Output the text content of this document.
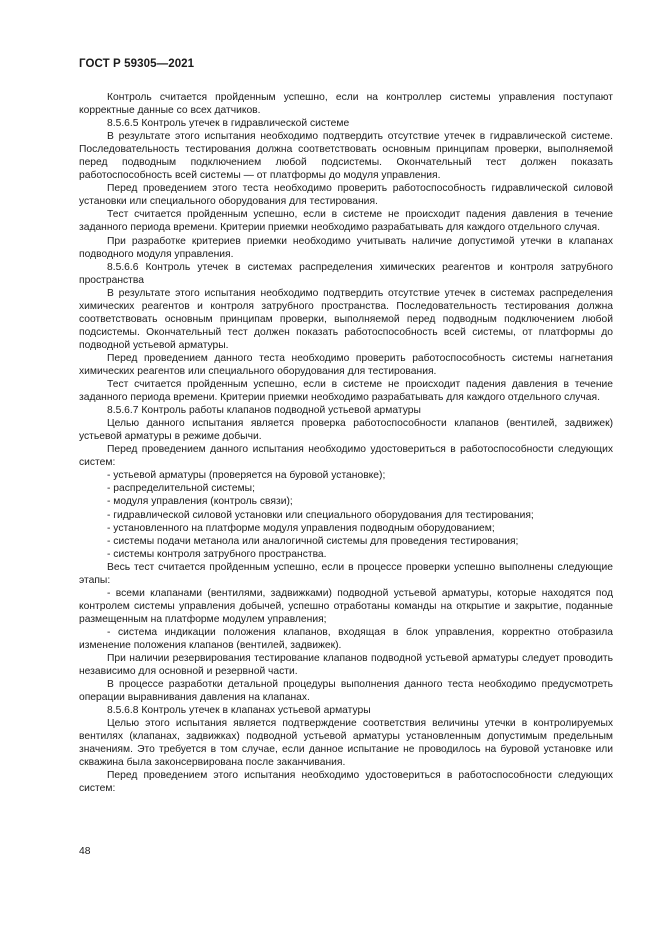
ГОСТ Р 59305—2021

Контроль считается пройденным успешно, если на контроллер системы управления поступают корректные данные со всех датчиков.

8.5.6.5 Контроль утечек в гидравлической системе

В результате этого испытания необходимо подтвердить отсутствие утечек в гидравлической системе. Последовательность тестирования должна соответствовать основным принципам проверки, выполняемой перед подводным подключением любой подсистемы. Окончательный тест должен показать работоспособность всей системы — от платформы до модуля управления.

Перед проведением этого теста необходимо проверить работоспособность гидравлической силовой установки или специального оборудования для тестирования.

Тест считается пройденным успешно, если в системе не происходит падения давления в течение заданного периода времени. Критерии приемки необходимо разрабатывать для каждого отдельного случая.

При разработке критериев приемки необходимо учитывать наличие допустимой утечки в клапанах подводного модуля управления.

8.5.6.6 Контроль утечек в системах распределения химических реагентов и контроля затрубного пространства

В результате этого испытания необходимо подтвердить отсутствие утечек в системах распределения химических реагентов и контроля затрубного пространства. Последовательность тестирования должна соответствовать основным принципам проверки, выполняемой перед подводным подключением любой подсистемы. Окончательный тест должен показать работоспособность всей системы, от платформы до подводной устьевой арматуры.

Перед проведением данного теста необходимо проверить работоспособность системы нагнетания химических реагентов или специального оборудования для тестирования.

Тест считается пройденным успешно, если в системе не происходит падения давления в течение заданного периода времени. Критерии приемки необходимо разрабатывать для каждого отдельного случая.

8.5.6.7 Контроль работы клапанов подводной устьевой арматуры

Целью данного испытания является проверка работоспособности клапанов (вентилей, задвижек) устьевой арматуры в режиме добычи.

Перед проведением данного испытания необходимо удостовериться в работоспособности следующих систем:

- устьевой арматуры (проверяется на буровой установке);

- распределительной системы;

- модуля управления (контроль связи);

- гидравлической силовой установки или специального оборудования для тестирования;

- установленного на платформе модуля управления подводным оборудованием;

- системы подачи метанола или аналогичной системы для проведения тестирования;

- системы контроля затрубного пространства.

Весь тест считается пройденным успешно, если в процессе проверки успешно выполнены следующие этапы:

- всеми клапанами (вентилями, задвижками) подводной устьевой арматуры, которые находятся под контролем системы управления добычей, успешно отработаны команды на открытие и закрытие, поданные размещенным на платформе модулем управления;

- система индикации положения клапанов, входящая в блок управления, корректно отобразила изменение положения клапанов (вентилей, задвижек).

При наличии резервирования тестирование клапанов подводной устьевой арматуры следует проводить независимо для основной и резервной части.

В процессе разработки детальной процедуры выполнения данного теста необходимо предусмотреть операции выравнивания давления на клапанах.

8.5.6.8 Контроль утечек в клапанах устьевой арматуры

Целью этого испытания является подтверждение соответствия величины утечки в контролируемых вентилях (клапанах, задвижках) подводной устьевой арматуры установленным допустимым предельным значениям. Это требуется в том случае, если данное испытание не проводилось на буровой установке или скважина была законсервирована после заканчивания.

Перед проведением этого испытания необходимо удостовериться в работоспособности следующих систем:

48
